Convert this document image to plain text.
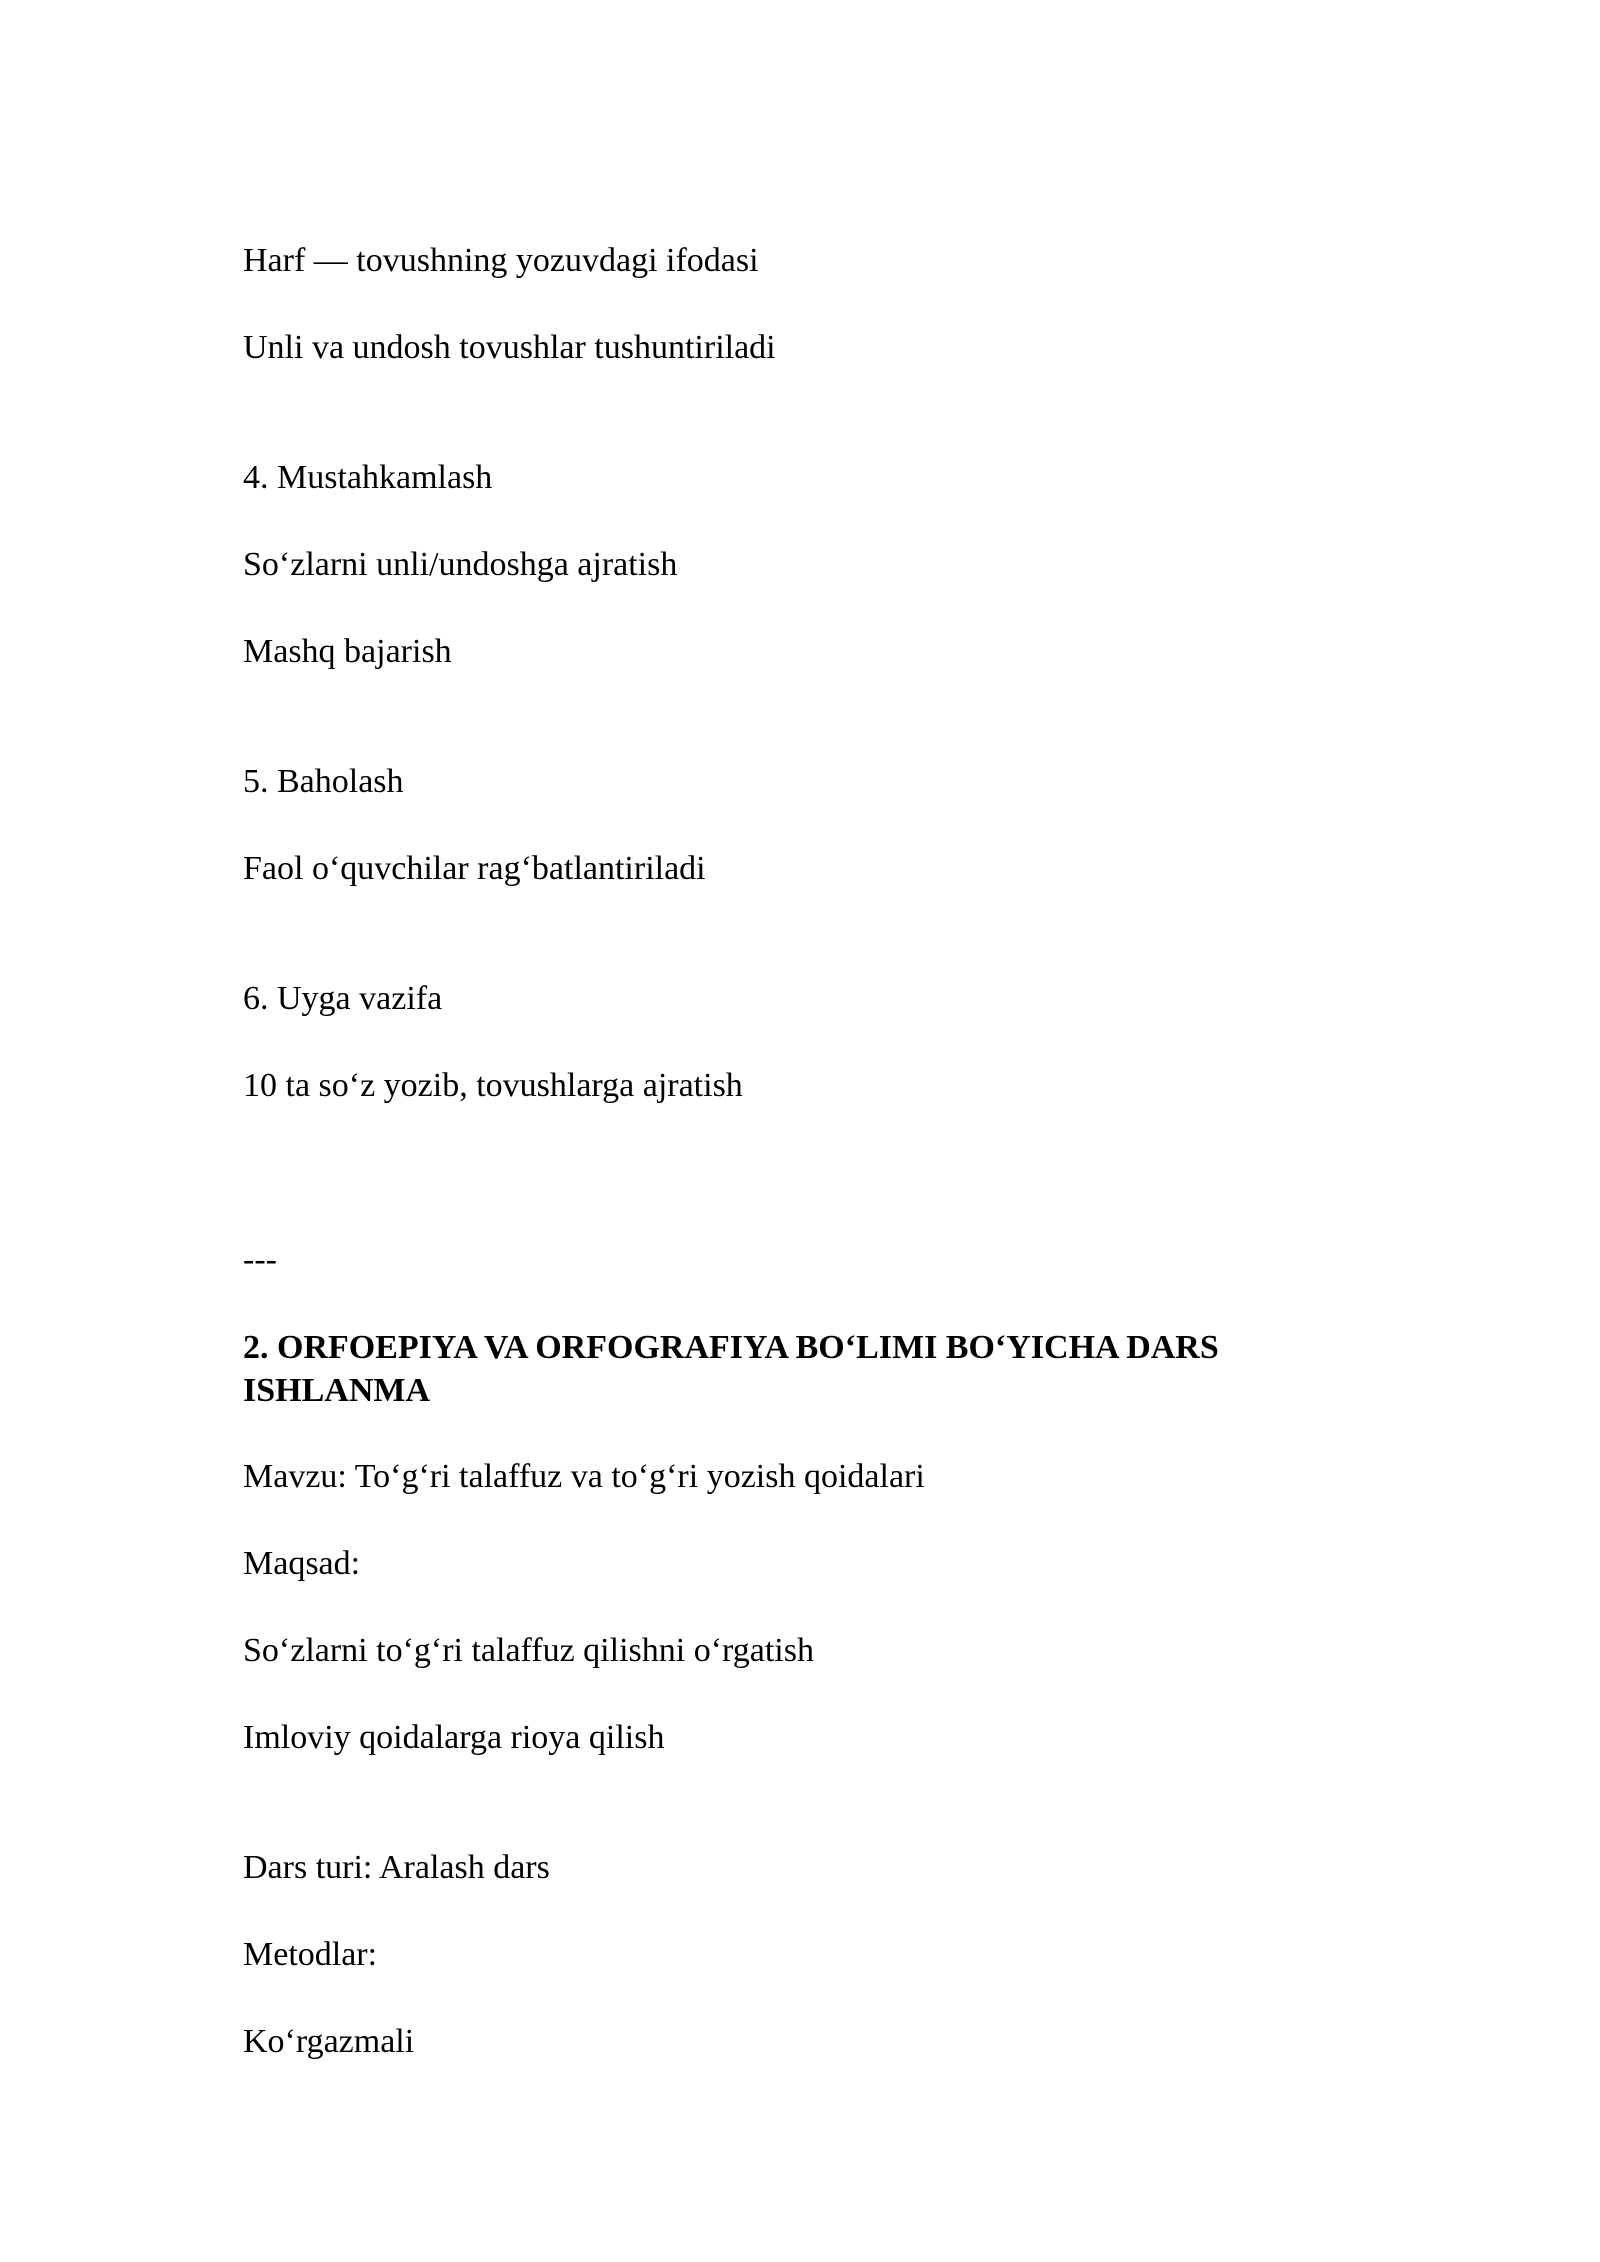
Harf — tovushning yozuvdagi ifodasi

Unli va undosh tovushlar tushuntiriladi

4. Mustahkamlash

So‘zlarni unli/undoshga ajratish

Mashq bajarish

5. Baholash

Faol o‘quvchilar rag‘batlantiriladi

6. Uyga vazifa

10 ta so‘z yozib, tovushlarga ajratish

---

2. ORFOEPIYA VA ORFOGRAFIYA BO‘LIMI BO‘YICHA DARS ISHLANMA

Mavzu: To‘g‘ri talaffuz va to‘g‘ri yozish qoidalari

Maqsad:

So‘zlarni to‘g‘ri talaffuz qilishni o‘rgatish

Imloviy qoidalarga rioya qilish

Dars turi: Aralash dars

Metodlar:

Ko‘rgazmali
